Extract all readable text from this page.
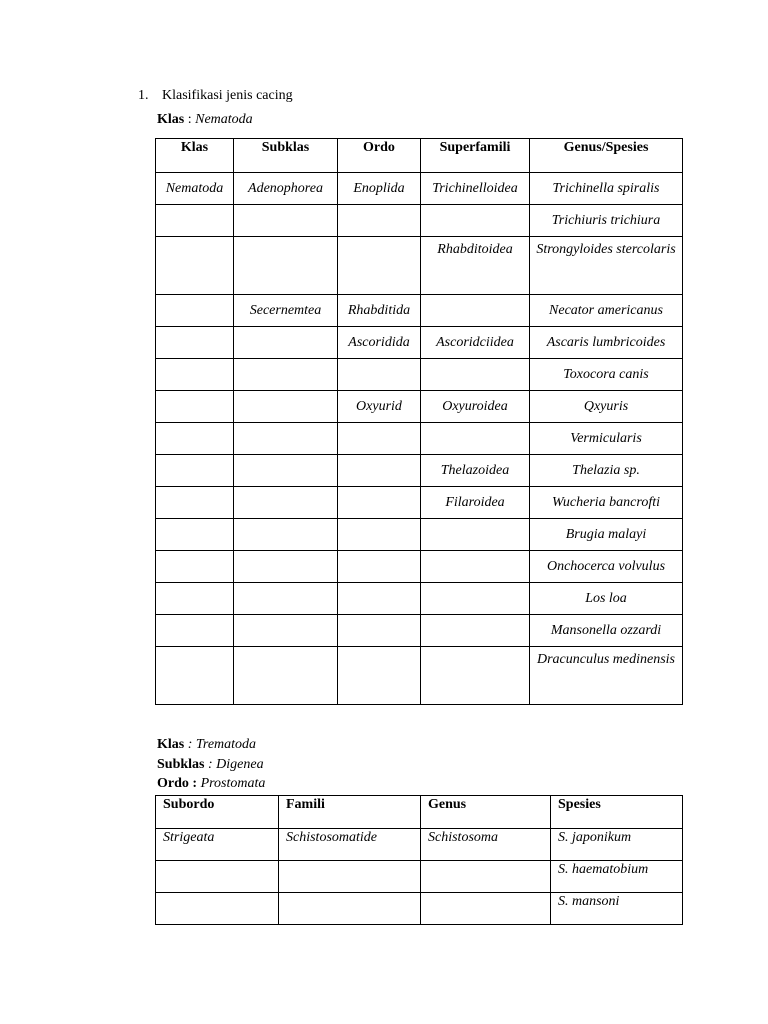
1. Klasifikasi jenis cacing
Klas : Nematoda
Klas	Subklas	Ordo	Superfamili	Genus/Spesies
Nematoda	Adenophorea	Enoplida	Trichinelloidea	Trichinella spiralis
				Trichiuris trichiura
			Rhabditoidea	Strongyloides stercolaris
	Secernemtea	Rhabditida		Necator americanus
		Ascoridida	Ascoridciidea	Ascaris lumbricoides
				Toxocora canis
		Oxyurid	Oxyuroidea	Qxyuris
				Vermicularis
			Thelazoidea	Thelazia sp.
			Filaroidea	Wucheria bancrofti
				Brugia malayi
				Onchocerca volvulus
				Los loa
				Mansonella ozzardi
				Dracunculus medinensis
Klas : Trematoda
Subklas : Digenea
Ordo : Prostomata
Subordo	Famili	Genus	Spesies
Strigeata	Schistosomatide	Schistosoma	S. japonikum
			S. haematobium
			S. mansoni
